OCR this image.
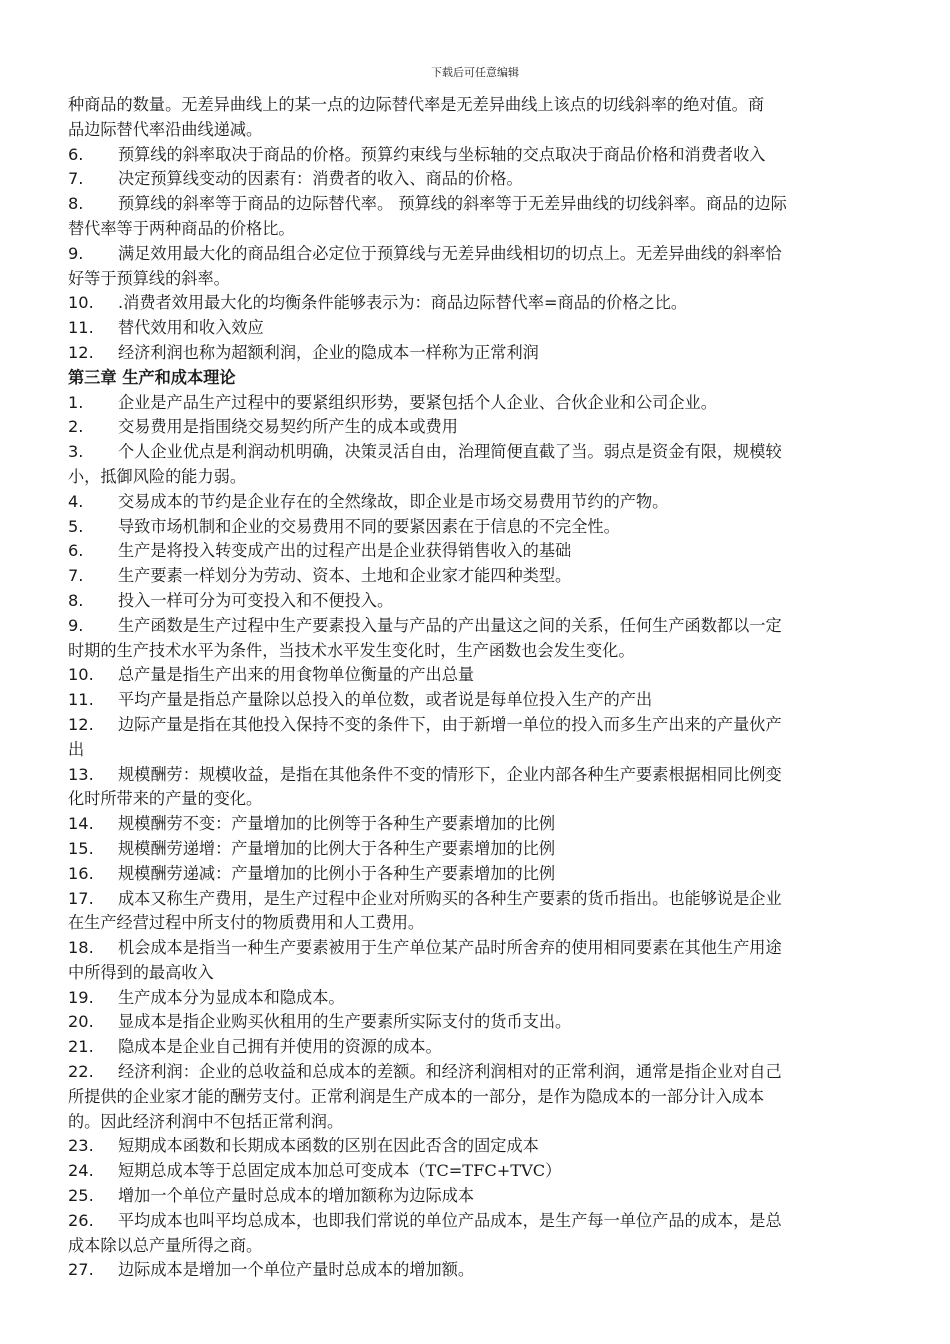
下载后可任意编辑
种商品的数量。无差异曲线上的某一点的边际替代率是无差异曲线上该点的切线斜率的绝对值。商
品边际替代率沿曲线递减。
6. 预算线的斜率取决于商品的价格。预算约束线与坐标轴的交点取决于商品价格和消费者收入
7. 决定预算线变动的因素有：消费者的收入、商品的价格。
8. 预算线的斜率等于商品的边际替代率。 预算线的斜率等于无差异曲线的切线斜率。商品的边际
替代率等于两种商品的价格比。
9. 满足效用最大化的商品组合必定位于预算线与无差异曲线相切的切点上。无差异曲线的斜率恰
好等于预算线的斜率。
10. .消费者效用最大化的均衡条件能够表示为：商品边际替代率=商品的价格之比。
11. 替代效用和收入效应
12. 经济利润也称为超额利润，企业的隐成本一样称为正常利润
第三章 生产和成本理论
1. 企业是产品生产过程中的要紧组织形势，要紧包括个人企业、合伙企业和公司企业。
2. 交易费用是指围绕交易契约所产生的成本或费用
3. 个人企业优点是利润动机明确，决策灵活自由，治理简便直截了当。弱点是资金有限，规模较
小，抵御风险的能力弱。
4. 交易成本的节约是企业存在的全然缘故，即企业是市场交易费用节约的产物。
5. 导致市场机制和企业的交易费用不同的要紧因素在于信息的不完全性。
6. 生产是将投入转变成产出的过程产出是企业获得销售收入的基础
7. 生产要素一样划分为劳动、资本、土地和企业家才能四种类型。
8. 投入一样可分为可变投入和不便投入。
9. 生产函数是生产过程中生产要素投入量与产品的产出量这之间的关系，任何生产函数都以一定
时期的生产技术水平为条件，当技术水平发生变化时，生产函数也会发生变化。
10. 总产量是指生产出来的用食物单位衡量的产出总量
11. 平均产量是指总产量除以总投入的单位数，或者说是每单位投入生产的产出
12. 边际产量是指在其他投入保持不变的条件下，由于新增一单位的投入而多生产出来的产量伙产
出
13. 规模酬劳：规模收益，是指在其他条件不变的情形下，企业内部各种生产要素根据相同比例变
化时所带来的产量的变化。
14. 规模酬劳不变：产量增加的比例等于各种生产要素增加的比例
15. 规模酬劳递增：产量增加的比例大于各种生产要素增加的比例
16. 规模酬劳递减：产量增加的比例小于各种生产要素增加的比例
17. 成本又称生产费用，是生产过程中企业对所购买的各种生产要素的货币指出。也能够说是企业
在生产经营过程中所支付的物质费用和人工费用。
18. 机会成本是指当一种生产要素被用于生产单位某产品时所舍弃的使用相同要素在其他生产用途
中所得到的最高收入
19. 生产成本分为显成本和隐成本。
20. 显成本是指企业购买伙租用的生产要素所实际支付的货币支出。
21. 隐成本是企业自己拥有并使用的资源的成本。
22. 经济利润：企业的总收益和总成本的差额。和经济利润相对的正常利润，通常是指企业对自己
所提供的企业家才能的酬劳支付。正常利润是生产成本的一部分，是作为隐成本的一部分计入成本
的。因此经济利润中不包括正常利润。
23. 短期成本函数和长期成本函数的区别在因此否含的固定成本
24. 短期总成本等于总固定成本加总可变成本（TC=TFC+TVC）
25. 增加一个单位产量时总成本的增加额称为边际成本
26. 平均成本也叫平均总成本，也即我们常说的单位产品成本，是生产每一单位产品的成本，是总
成本除以总产量所得之商。
27. 边际成本是增加一个单位产量时总成本的增加额。
